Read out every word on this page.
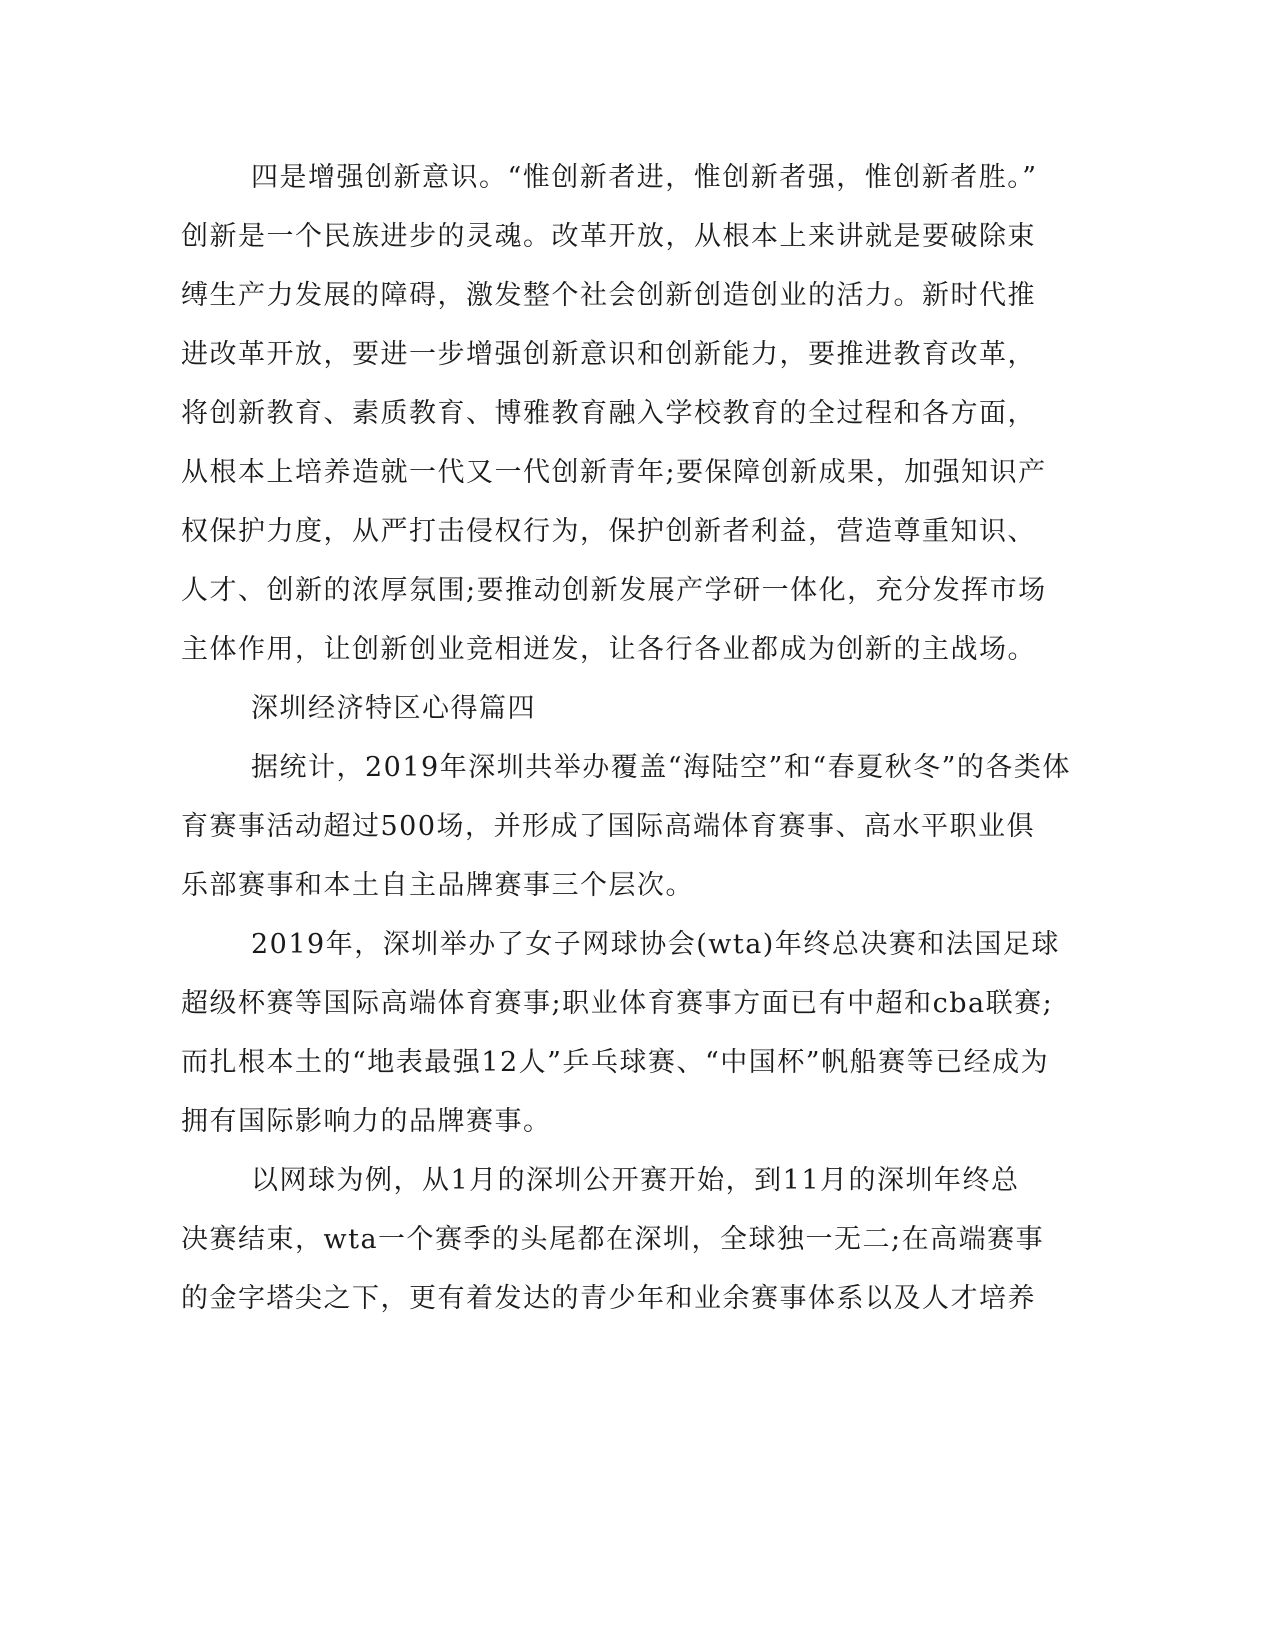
四是增强创新意识。“惟创新者进，惟创新者强，惟创新者胜。”

创新是一个民族进步的灵魂。改革开放，从根本上来讲就是要破除束

缚生产力发展的障碍，激发整个社会创新创造创业的活力。新时代推

进改革开放，要进一步增强创新意识和创新能力，要推进教育改革，

将创新教育、素质教育、博雅教育融入学校教育的全过程和各方面，

从根本上培养造就一代又一代创新青年;要保障创新成果，加强知识产

权保护力度，从严打击侵权行为，保护创新者利益，营造尊重知识、

人才、创新的浓厚氛围;要推动创新发展产学研一体化，充分发挥市场

主体作用，让创新创业竞相迸发，让各行各业都成为创新的主战场。

深圳经济特区心得篇四

据统计，2019年深圳共举办覆盖“海陆空”和“春夏秋冬”的各类体

育赛事活动超过500场，并形成了国际高端体育赛事、高水平职业俱

乐部赛事和本土自主品牌赛事三个层次。

2019年，深圳举办了女子网球协会(wta)年终总决赛和法国足球

超级杯赛等国际高端体育赛事;职业体育赛事方面已有中超和cba联赛;

而扎根本土的“地表最强12人”乒乓球赛、“中国杯”帆船赛等已经成为

拥有国际影响力的品牌赛事。

以网球为例，从1月的深圳公开赛开始，到11月的深圳年终总

决赛结束，wta一个赛季的头尾都在深圳，全球独一无二;在高端赛事

的金字塔尖之下，更有着发达的青少年和业余赛事体系以及人才培养
